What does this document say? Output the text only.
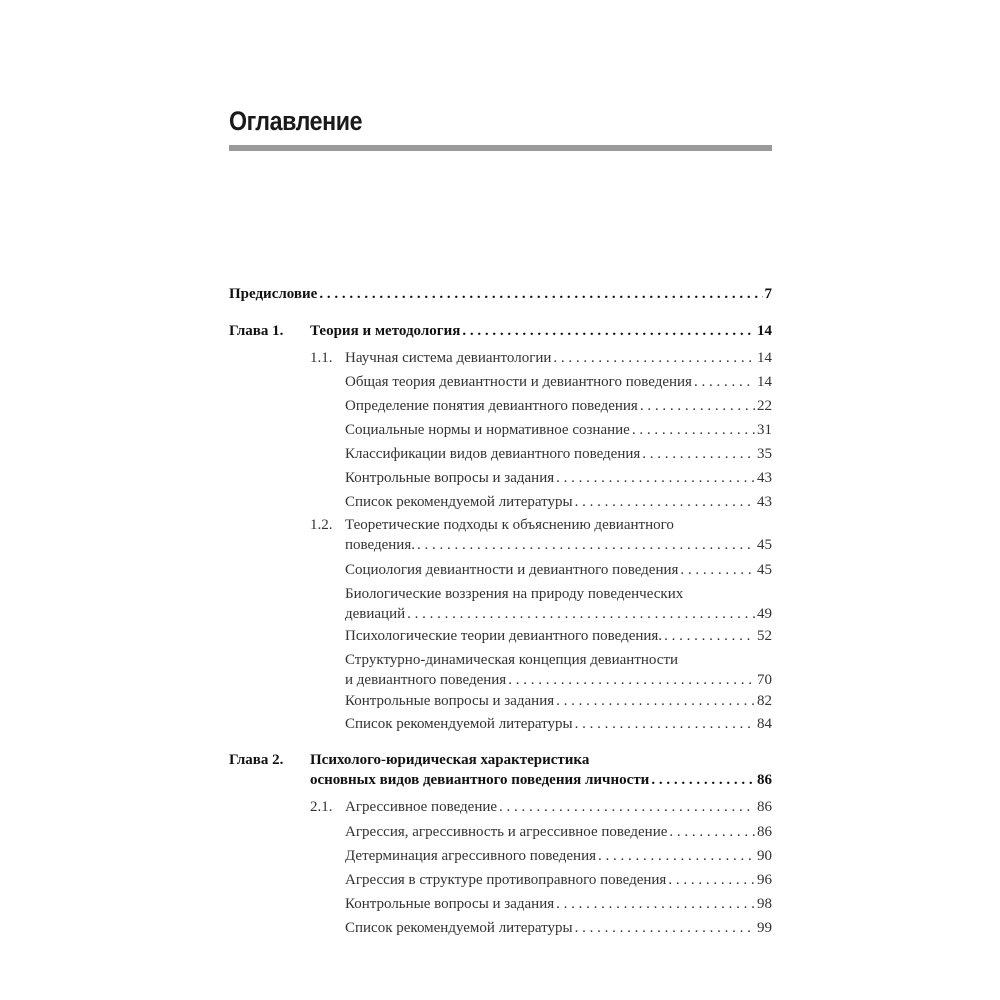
Оглавление
Предисловие . . .	7
Глава 1. Теория и методология . . .	14
1.1. Научная система девиантологии . . .	14
Общая теория девиантности и девиантного поведения . . .	14
Определение понятия девиантного поведения . . .	22
Социальные нормы и нормативное сознание . . .	31
Классификации видов девиантного поведения . . .	35
Контрольные вопросы и задания . . .	43
Список рекомендуемой литературы . . .	43
1.2. Теоретические подходы к объяснению девиантного
поведения. . . .	45
Социология девиантности и девиантного поведения . . .	45
Биологические воззрения на природу поведенческих
девиаций . . .	49
Психологические теории девиантного поведения. . . .	52
Структурно-динамическая концепция девиантности
и девиантного поведения . . .	70
Контрольные вопросы и задания . . .	82
Список рекомендуемой литературы . . .	84
Глава 2. Психолого-юридическая характеристика
основных видов девиантного поведения личности . . .	86
2.1. Агрессивное поведение . . .	86
Агрессия, агрессивность и агрессивное поведение . . .	86
Детерминация агрессивного поведения . . .	90
Агрессия в структуре противоправного поведения . . .	96
Контрольные вопросы и задания . . .	98
Список рекомендуемой литературы . . .	99
